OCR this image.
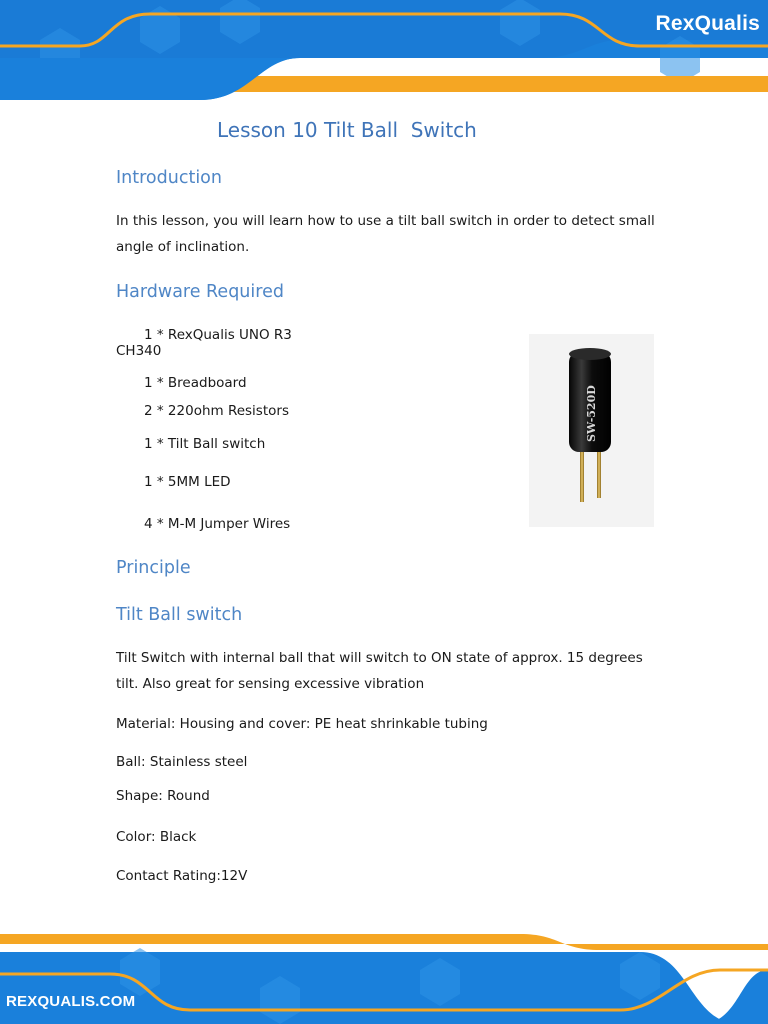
RexQualis
Lesson 10 Tilt Ball  Switch
Introduction

In this lesson, you will learn how to use a tilt ball switch in order to detect small angle of inclination.

Hardware Required

1 * RexQualis UNO R3

CH340

1 * Breadboard

2 * 220ohm Resistors

1 * Tilt Ball switch

1 * 5MM LED

4 * M-M Jumper Wires

SW-520D
Principle
Tilt Ball switch

Tilt Switch with internal ball that will switch to ON state of approx. 15 degrees tilt. Also great for sensing excessive vibration

Material: Housing and cover: PE heat shrinkable tubing

Ball: Stainless steel

Shape: Round

Color: Black

Contact Rating:12V

REXQUALIS.COM
